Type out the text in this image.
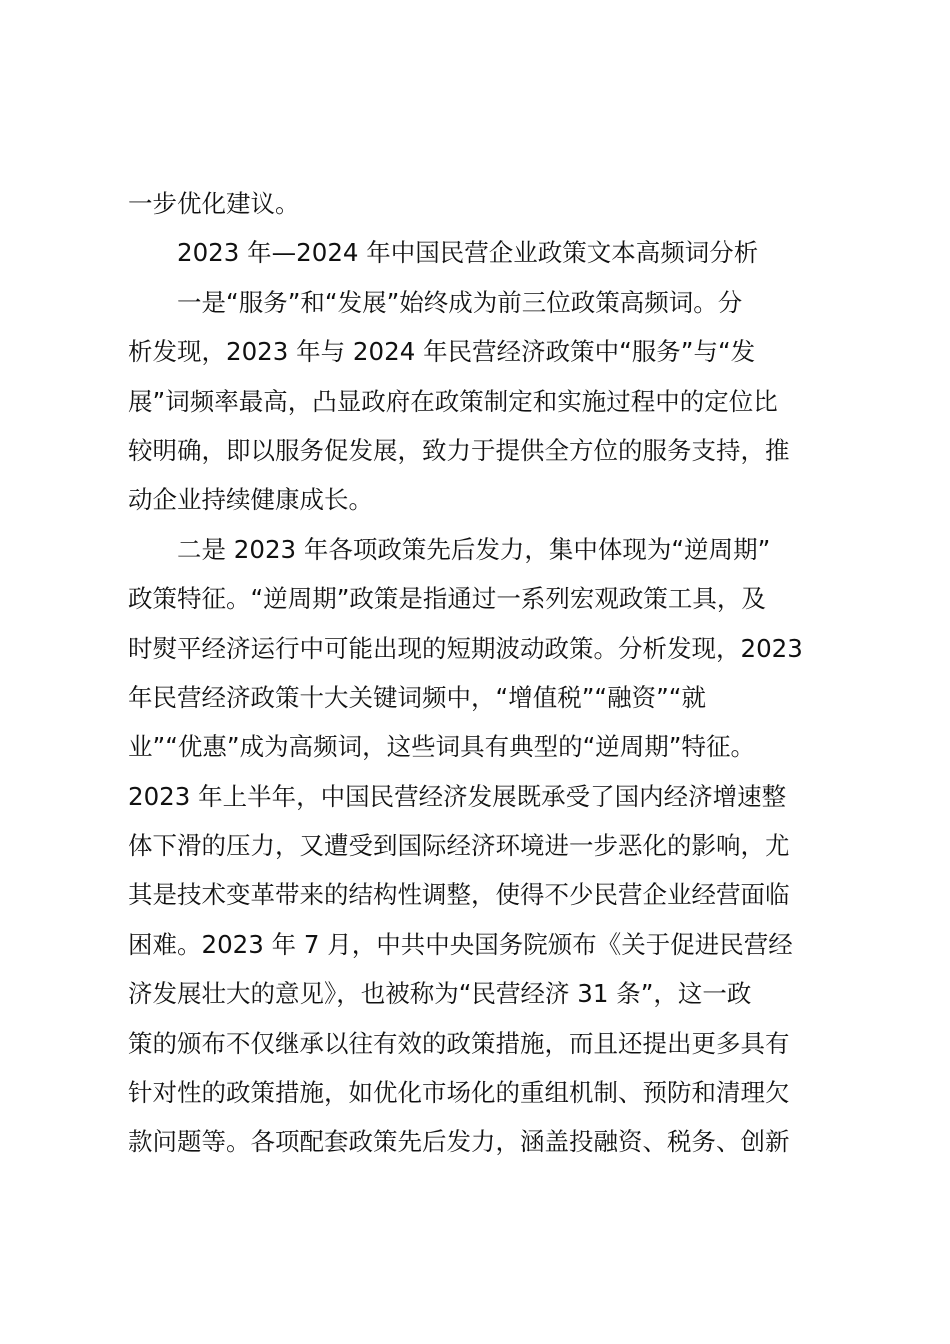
一步优化建议。
　　2023 年—2024 年中国民营企业政策文本高频词分析
　　一是“服务”和“发展”始终成为前三位政策高频词。分
析发现，2023 年与 2024 年民营经济政策中“服务”与“发
展”词频率最高，凸显政府在政策制定和实施过程中的定位比
较明确，即以服务促发展，致力于提供全方位的服务支持，推
动企业持续健康成长。
　　二是 2023 年各项政策先后发力，集中体现为“逆周期”
政策特征。“逆周期”政策是指通过一系列宏观政策工具，及
时熨平经济运行中可能出现的短期波动政策。分析发现，2023
年民营经济政策十大关键词频中，“增值税”“融资”“就
业”“优惠”成为高频词，这些词具有典型的“逆周期”特征。
2023 年上半年，中国民营经济发展既承受了国内经济增速整
体下滑的压力，又遭受到国际经济环境进一步恶化的影响，尤
其是技术变革带来的结构性调整，使得不少民营企业经营面临
困难。2023 年 7 月，中共中央国务院颁布《关于促进民营经
济发展壮大的意见》，也被称为“民营经济 31 条”，这一政
策的颁布不仅继承以往有效的政策措施，而且还提出更多具有
针对性的政策措施，如优化市场化的重组机制、预防和清理欠
款问题等。各项配套政策先后发力，涵盖投融资、税务、创新
